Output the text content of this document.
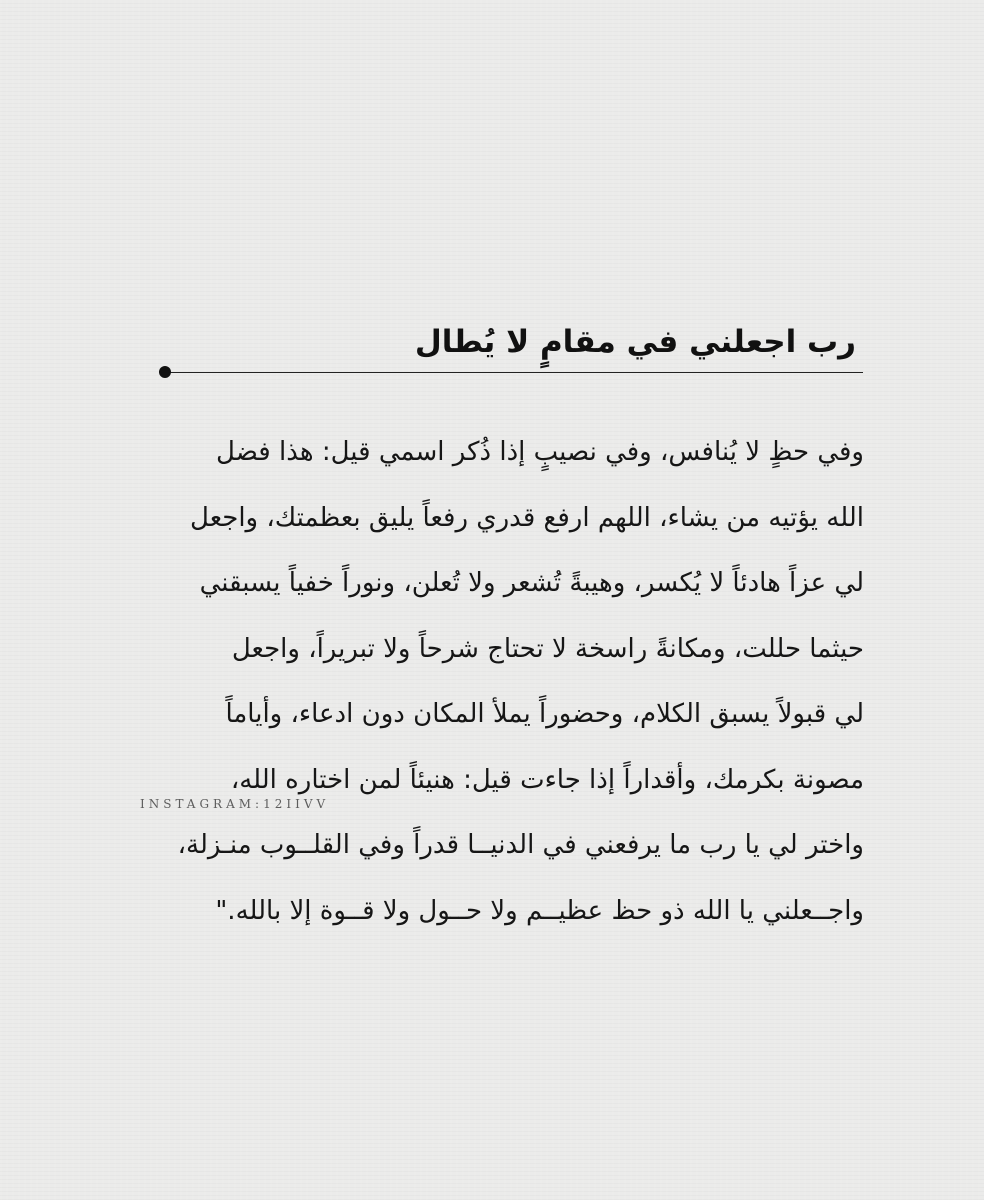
رب اجعلني في مقامٍ لا يُطال
وفي حظٍ لا يُنافس، وفي نصيبٍ إذا ذُكر اسمي قيل: هذا فضل
الله يؤتيه من يشاء، اللهم ارفع قدري رفعاً يليق بعظمتك، واجعل
لي عزاً هادئاً لا يُكسر، وهيبةً تُشعر ولا تُعلن، ونوراً خفياً يسبقني
حيثما حللت، ومكانةً راسخة لا تحتاج شرحاً ولا تبريراً، واجعل
لي قبولاً يسبق الكلام، وحضوراً يملأ المكان دون ادعاء، وأياماً
مصونة بكرمك، وأقداراً إذا جاءت قيل: هنيئاً لمن اختاره الله،
واختر لي يا رب ما يرفعني في الدنيــا قدراً وفي القلــوب منـزلة،
واجــعلني يا الله ذو حظ عظيــم ولا حــول ولا قــوة إلا بالله."
INSTAGRAM:12IIVV
